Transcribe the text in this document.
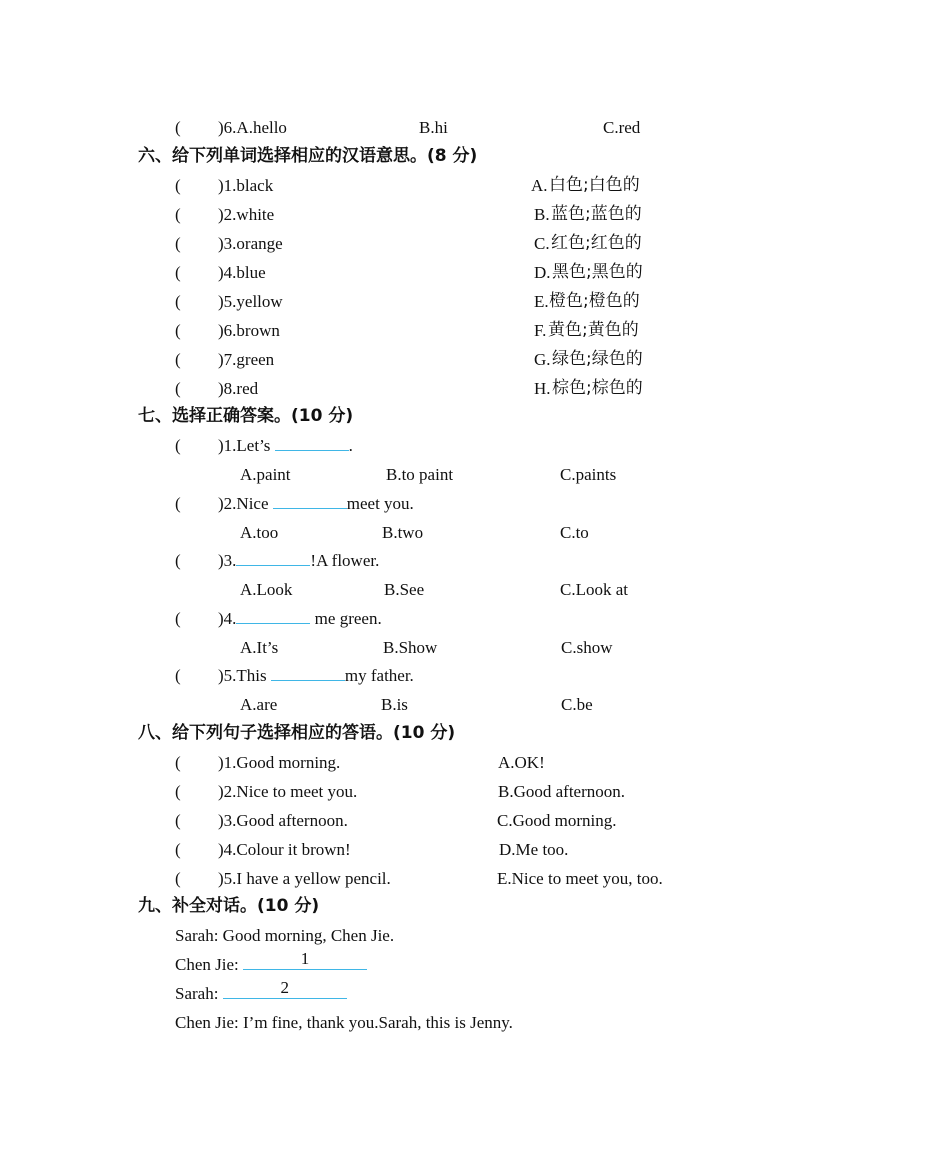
( )6.A.hello	B.hi	C.red
六、给下列单词选择相应的汉语意思。(8 分)
( )1.black	A. 白色;白色的
( )2.white	B. 蓝色;蓝色的
( )3.orange	C. 红色;红色的
( )4.blue	D. 黑色;黑色的
( )5.yellow	E. 橙色;橙色的
( )6.brown	F. 黄色;黄色的
( )7.green	G. 绿色;绿色的
( )8.red	H. 棕色;棕色的
七、选择正确答案。(10 分)
( )1.Let’s	.
A.paint	B.to paint	C.paints
( )2.Nice	meet you.
A.too	B.two	C.to
( )3.	!A flower.
A.Look	B.See	C.Look at
( )4.	me green.
A.It’s	B.Show	C.show
( )5.This	my father.
A.are	B.is	C.be
八、给下列句子选择相应的答语。(10 分)
( )1.Good morning.	A.OK!
( )2.Nice to meet you.	B.Good afternoon.
( )3.Good afternoon.	C.Good morning.
( )4.Colour it brown!	D.Me too.
( )5.I have a yellow pencil.	E.Nice to meet you, too.
九、补全对话。(10 分)
Sarah: Good morning, Chen Jie.
Chen Jie:	1
Sarah:	2
Chen Jie: I’m fine, thank you.Sarah, this is Jenny.
